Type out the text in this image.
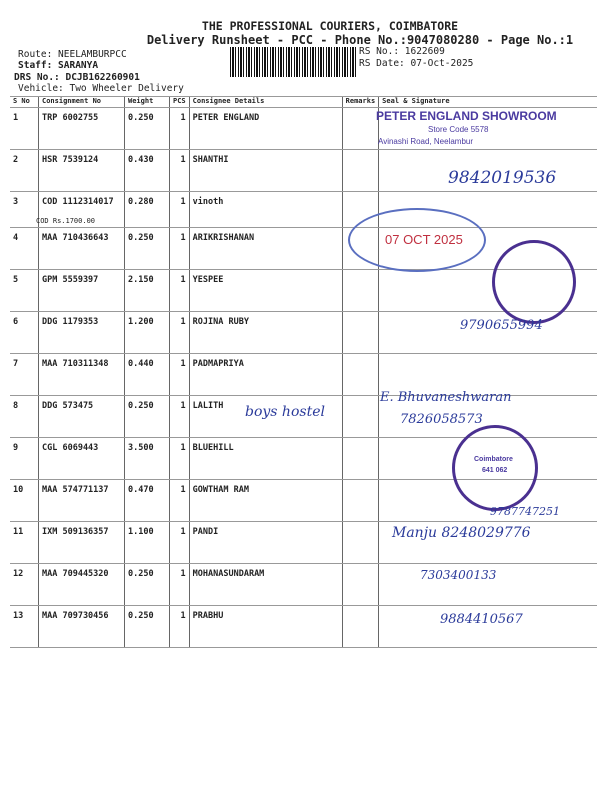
THE PROFESSIONAL COURIERS, COIMBATORE
Delivery Runsheet - PCC - Phone No.:9047080280 - Page No.:1
Route: NEELAMBURPCC
Staff: SARANYA
DRS No.: DCJB162260901
Vehicle: Two Wheeler Delivery
RS No.: 1622609
RS Date: 07-Oct-2025
S No	Consignment No	Weight	PCS	Consignee Details	Remarks	Seal & Signature
1	TRP 6002755	0.250	1	PETER ENGLAND		
2	HSR 7539124	0.430	1	SHANTHI		
3	COD 1112314017	0.280	1	vinoth		
4	MAA 710436643	0.250	1	ARIKRISHANAN		
5	GPM 5559397	2.150	1	YESPEE		
6	DDG 1179353	1.200	1	ROJINA RUBY		
7	MAA 710311348	0.440	1	PADMAPRIYA		
8	DDG 573475	0.250	1	LALITH		
9	CGL 6069443	3.500	1	BLUEHILL		
10	MAA 574771137	0.470	1	GOWTHAM RAM		
11	IXM 509136357	1.100	1	PANDI		
12	MAA 709445320	0.250	1	MOHANASUNDARAM		
13	MAA 709730456	0.250	1	PRABHU		
COD Rs.1700.00
PETER ENGLAND SHOWROOM
Store Code 5578
Avinashi Road, Neelambur
07 OCT 2025
Coimbatore
641 062
9842019536
9790655994
boys hostel
E. Bhuvaneshwaran
7826058573
9787747251
Manju 8248029776
7303400133
9884410567
